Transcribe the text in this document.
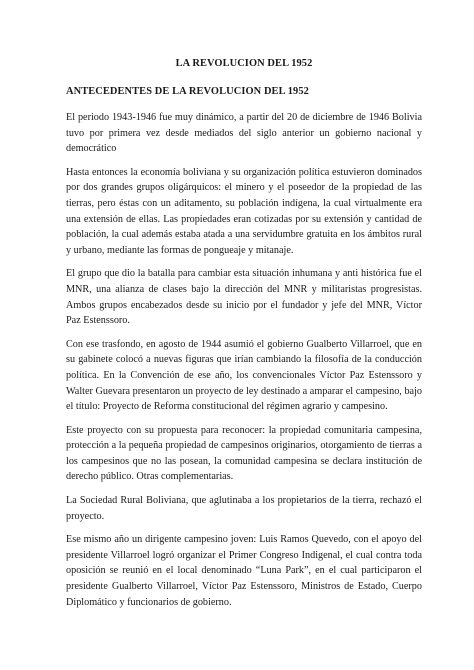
LA REVOLUCION DEL 1952
ANTECEDENTES DE LA REVOLUCION DEL 1952

El periodo 1943-1946 fue muy dinámico, a partir del 20 de diciembre de 1946 Bolivia tuvo por primera vez desde mediados del siglo anterior un gobierno nacional y democrático

Hasta entonces la economía boliviana y su organización política estuvieron dominados por dos grandes grupos oligárquicos: el minero y el poseedor de la propiedad de las tierras, pero éstas con un aditamento, su población indígena, la cual virtualmente era una extensión de ellas. Las propiedades eran cotizadas por su extensión y cantidad de población, la cual además estaba atada a una servidumbre gratuita en los ámbitos rural y urbano, mediante las formas de pongueaje y mitanaje.

El grupo que dio la batalla para cambiar esta situación inhumana y anti histórica fue el MNR, una alianza de clases bajo la dirección del MNR y militaristas progresistas. Ambos grupos encabezados desde su inicio por el fundador y jefe del MNR, Víctor Paz Estenssoro.

Con ese trasfondo, en agosto de 1944 asumió el gobierno Gualberto Villarroel, que en su gabinete colocó a nuevas figuras que irían cambiando la filosofía de la conducción política. En la Convención de ese año, los convencionales Víctor Paz Estenssoro y Walter Guevara presentaron un proyecto de ley destinado a amparar el campesino, bajo el título: Proyecto de Reforma constitucional del régimen agrario y campesino.

Este proyecto con su propuesta para reconocer: la propiedad comunitaria campesina, protección a la pequeña propiedad de campesinos originarios, otorgamiento de tierras a los campesinos que no las posean, la comunidad campesina se declara institución de derecho público. Otras complementarias.

La Sociedad Rural Boliviana, que aglutinaba a los propietarios de la tierra, rechazó el proyecto.

Ese mismo año un dirigente campesino joven: Luis Ramos Quevedo, con el apoyo del presidente Villarroel logró organizar el Primer Congreso Indigenal, el cual contra toda oposición se reunió en el local denominado “Luna Park”, en el cual participaron el presidente Gualberto Villarroel, Víctor Paz Estenssoro, Ministros de Estado, Cuerpo Diplomático y funcionarios de gobierno.
